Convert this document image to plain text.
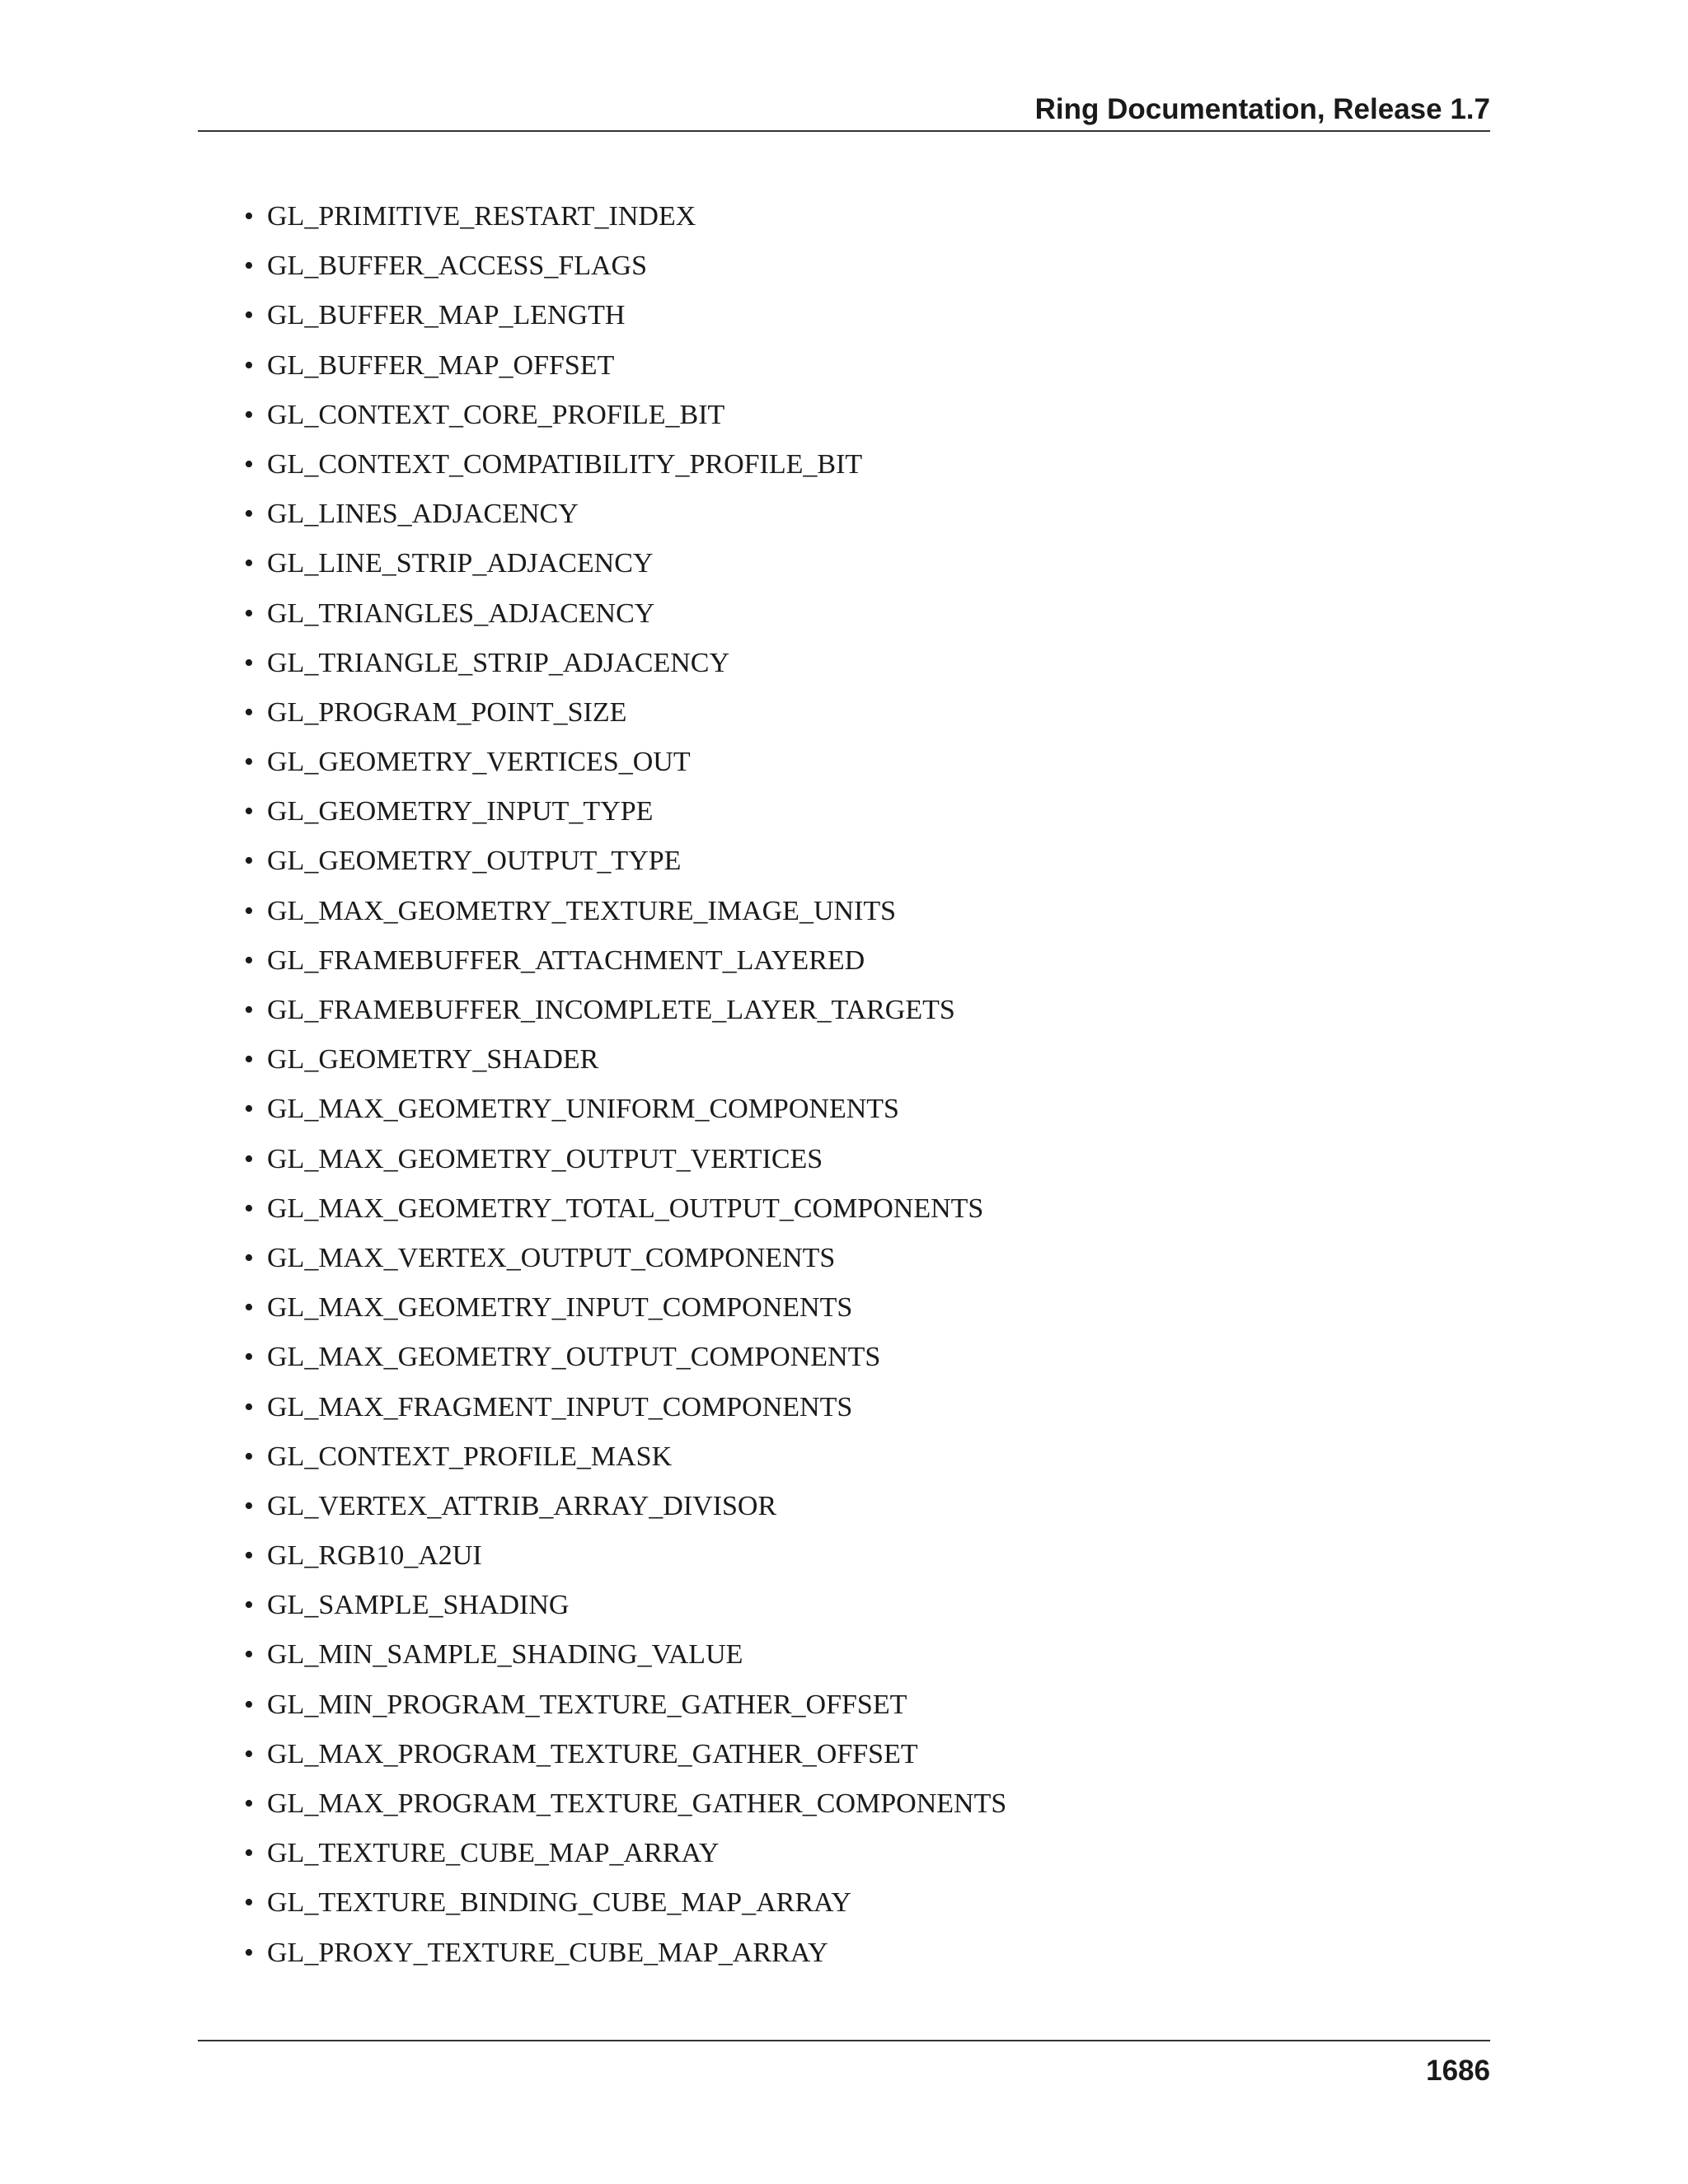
Ring Documentation, Release 1.7
• GL_PRIMITIVE_RESTART_INDEX
• GL_BUFFER_ACCESS_FLAGS
• GL_BUFFER_MAP_LENGTH
• GL_BUFFER_MAP_OFFSET
• GL_CONTEXT_CORE_PROFILE_BIT
• GL_CONTEXT_COMPATIBILITY_PROFILE_BIT
• GL_LINES_ADJACENCY
• GL_LINE_STRIP_ADJACENCY
• GL_TRIANGLES_ADJACENCY
• GL_TRIANGLE_STRIP_ADJACENCY
• GL_PROGRAM_POINT_SIZE
• GL_GEOMETRY_VERTICES_OUT
• GL_GEOMETRY_INPUT_TYPE
• GL_GEOMETRY_OUTPUT_TYPE
• GL_MAX_GEOMETRY_TEXTURE_IMAGE_UNITS
• GL_FRAMEBUFFER_ATTACHMENT_LAYERED
• GL_FRAMEBUFFER_INCOMPLETE_LAYER_TARGETS
• GL_GEOMETRY_SHADER
• GL_MAX_GEOMETRY_UNIFORM_COMPONENTS
• GL_MAX_GEOMETRY_OUTPUT_VERTICES
• GL_MAX_GEOMETRY_TOTAL_OUTPUT_COMPONENTS
• GL_MAX_VERTEX_OUTPUT_COMPONENTS
• GL_MAX_GEOMETRY_INPUT_COMPONENTS
• GL_MAX_GEOMETRY_OUTPUT_COMPONENTS
• GL_MAX_FRAGMENT_INPUT_COMPONENTS
• GL_CONTEXT_PROFILE_MASK
• GL_VERTEX_ATTRIB_ARRAY_DIVISOR
• GL_RGB10_A2UI
• GL_SAMPLE_SHADING
• GL_MIN_SAMPLE_SHADING_VALUE
• GL_MIN_PROGRAM_TEXTURE_GATHER_OFFSET
• GL_MAX_PROGRAM_TEXTURE_GATHER_OFFSET
• GL_MAX_PROGRAM_TEXTURE_GATHER_COMPONENTS
• GL_TEXTURE_CUBE_MAP_ARRAY
• GL_TEXTURE_BINDING_CUBE_MAP_ARRAY
• GL_PROXY_TEXTURE_CUBE_MAP_ARRAY
1686
